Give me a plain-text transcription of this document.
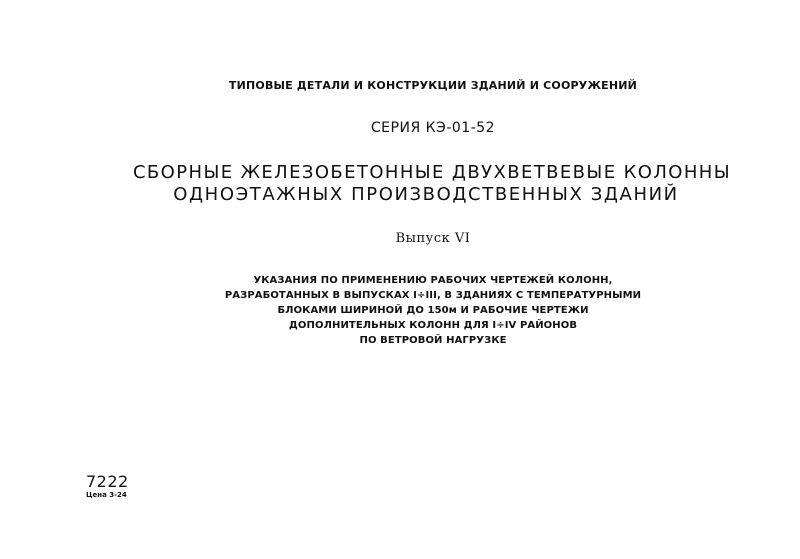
ТИПОВЫЕ ДЕТАЛИ И КОНСТРУКЦИИ ЗДАНИЙ И СООРУЖЕНИЙ
СЕРИЯ КЭ-01-52
СБОРНЫЕ ЖЕЛЕЗОБЕТОННЫЕ ДВУХВЕТВЕВЫЕ КОЛОННЫ
ОДНОЭТАЖНЫХ ПРОИЗВОДСТВЕННЫХ ЗДАНИЙ
Выпуск VI
УКАЗАНИЯ ПО ПРИМЕНЕНИЮ РАБОЧИХ ЧЕРТЕЖЕЙ КОЛОНН,
РАЗРАБОТАННЫХ В ВЫПУСКАХ I÷III, В ЗДАНИЯХ С ТЕМПЕРАТУРНЫМИ
БЛОКАМИ ШИРИНОЙ ДО 150м И РАБОЧИЕ ЧЕРТЕЖИ
ДОПОЛНИТЕЛЬНЫХ КОЛОНН ДЛЯ I÷IV РАЙОНОВ
ПО ВЕТРОВОЙ НАГРУЗКЕ
7222
Цена 3-24
